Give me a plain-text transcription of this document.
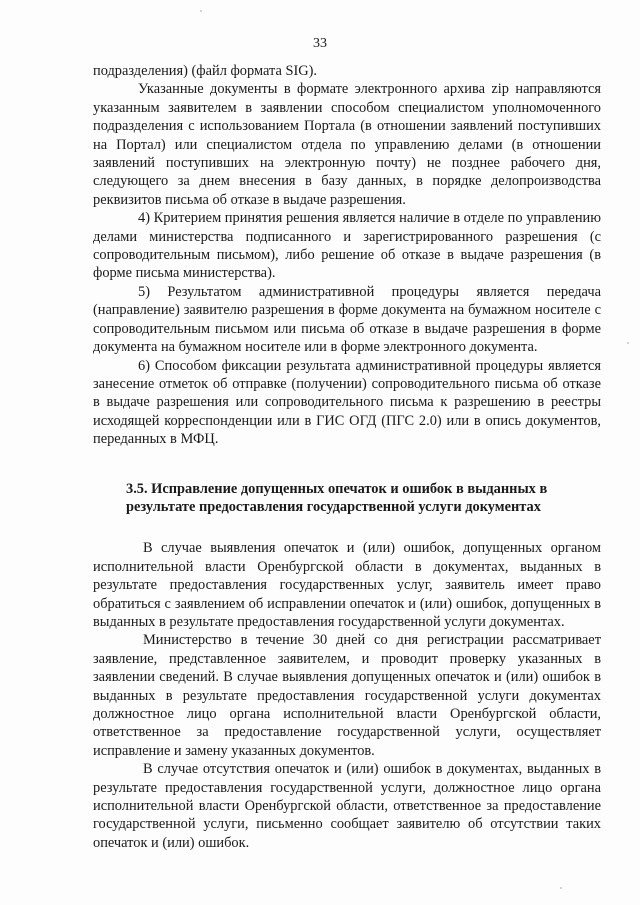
33

подразделения) (файл формата SIG).

Указанные документы в формате электронного архива zip направляются указанным заявителем в заявлении способом специалистом уполномоченного подразделения с использованием Портала (в отношении заявлений поступивших на Портал) или специалистом отдела по управлению делами (в отношении заявлений поступивших на электронную почту) не позднее рабочего дня, следующего за днем внесения в базу данных, в порядке делопроизводства реквизитов письма об отказе в выдаче разрешения.

4) Критерием принятия решения является наличие в отделе по управлению делами министерства подписанного и зарегистрированного разрешения (с сопроводительным письмом), либо решение об отказе в выдаче разрешения (в форме письма министерства).

5) Результатом административной процедуры является передача (направление) заявителю разрешения в форме документа на бумажном носителе с сопроводительным письмом или письма об отказе в выдаче разрешения в форме документа на бумажном носителе или в форме электронного документа.

6) Способом фиксации результата административной процедуры является занесение отметок об отправке (получении) сопроводительного письма об отказе в выдаче разрешения или сопроводительного письма к разрешению в реестры исходящей корреспонденции или в ГИС ОГД (ПГС 2.0) или в опись документов, переданных в МФЦ.

3.5. Исправление допущенных опечаток и ошибок в выданных в результате предоставления государственной услуги документах

В случае выявления опечаток и (или) ошибок, допущенных органом исполнительной власти Оренбургской области в документах, выданных в результате предоставления государственных услуг, заявитель имеет право обратиться с заявлением об исправлении опечаток и (или) ошибок, допущенных в выданных в результате предоставления государственной услуги документах.

Министерство в течение 30 дней со дня регистрации рассматривает заявление, представленное заявителем, и проводит проверку указанных в заявлении сведений. В случае выявления допущенных опечаток и (или) ошибок в выданных в результате предоставления государственной услуги документах должностное лицо органа исполнительной власти Оренбургской области, ответственное за предоставление государственной услуги, осуществляет исправление и замену указанных документов.

В случае отсутствия опечаток и (или) ошибок в документах, выданных в результате предоставления государственной услуги, должностное лицо органа исполнительной власти Оренбургской области, ответственное за предоставление государственной услуги, письменно сообщает заявителю об отсутствии таких опечаток и (или) ошибок.
